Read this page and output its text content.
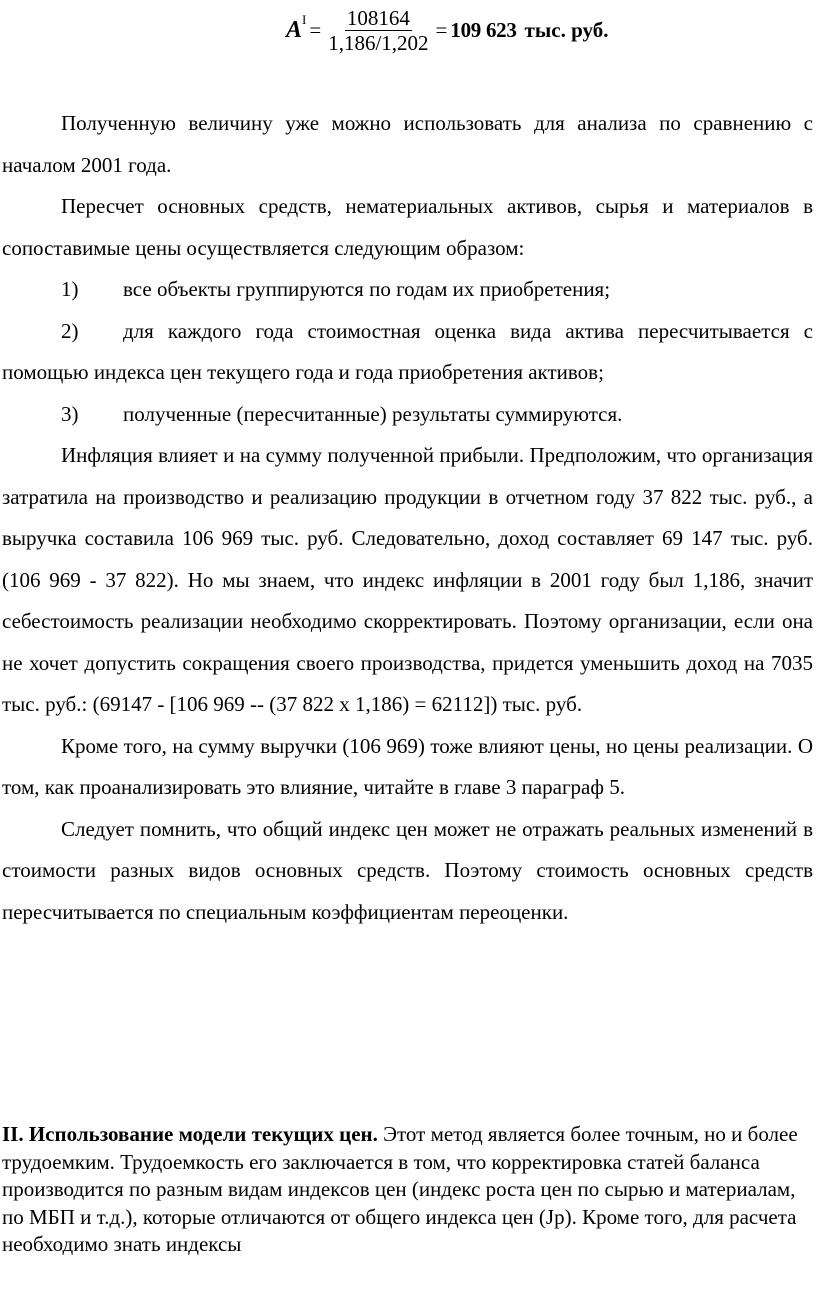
$A^I = \frac{108164}{1,186/1,202} = 109$ 623 тыс. руб.

Полученную величину уже можно использовать для анализа по сравнению с началом 2001 года.

Пересчет основных средств, нематериальных активов, сырья и материалов в сопоставимые цены осуществляется следующим образом:

1) все объекты группируются по годам их приобретения;

2) для каждого года стоимостная оценка вида актива пересчитывается с помощью индекса цен текущего года и года приобретения активов;

3) полученные (пересчитанные) результаты суммируются.

Инфляция влияет и на сумму полученной прибыли. Предположим, что организация затратила на производство и реализацию продукции в отчетном году 37 822 тыс. руб., а выручка составила 106 969 тыс. руб. Следовательно, доход составляет 69 147 тыс. руб. (106 969 - 37 822). Но мы знаем, что индекс инфляции в 2001 году был 1,186, значит себестоимость реализации необходимо скорректировать. Поэтому организации, если она не хочет допустить сокращения своего производства, придется уменьшить доход на 7035 тыс. руб.: (69147 - [106 969 -- (37 822 x 1,186) = 62112]) тыс. руб.

Кроме того, на сумму выручки (106 969) тоже влияют цены, но цены реализации. О том, как проанализировать это влияние, читайте в главе 3 параграф 5.

Следует помнить, что общий индекс цен может не отражать реальных изменений в стоимости разных видов основных средств. Поэтому стоимость основных средств пересчитывается по специальным коэффициентам переоценки.

II. Использование модели текущих цен. Этот метод является более точным, но и более трудоемким. Трудоемкость его заключается в том, что корректировка статей баланса производится по разным видам индексов цен (индекс роста цен по сырью и материалам, по МБП и т.д.), которые отличаются от общего индекса цен (Jp). Кроме того, для расчета необходимо знать индексы
